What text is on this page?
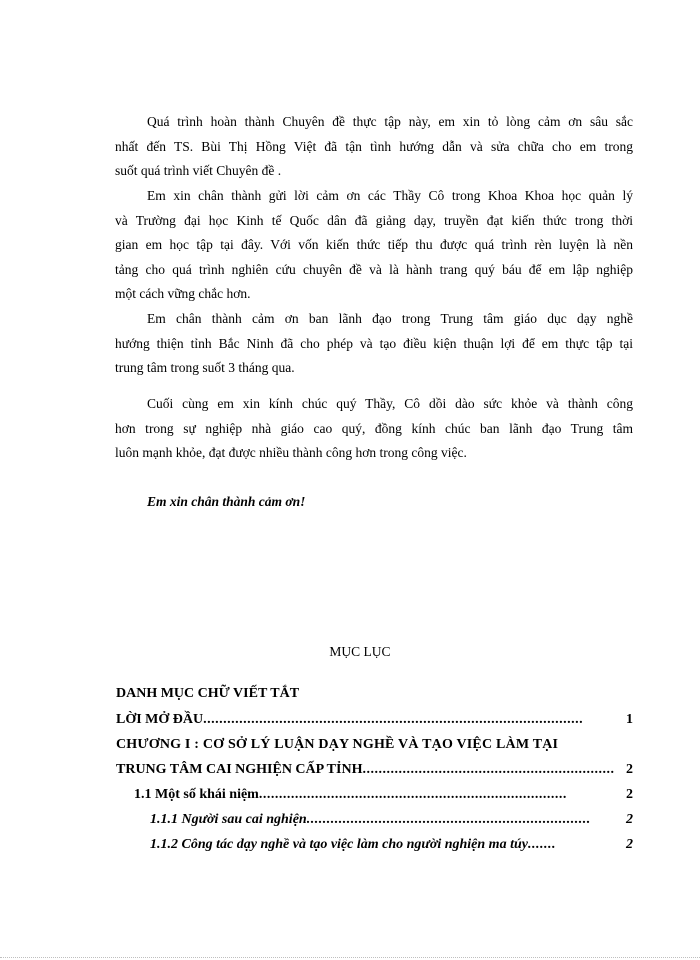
Quá trình hoàn thành Chuyên đề thực tập này, em xin tỏ lòng cảm ơn sâu sắc
nhất đến TS. Bùi Thị Hồng Việt đã tận tình hướng dẫn và sửa chữa cho em trong
suốt quá trình viết Chuyên đề .

Em xin chân thành gửi lời cảm ơn các Thầy Cô trong Khoa Khoa học quản lý
và Trường đại học Kinh tế Quốc dân đã giảng dạy, truyền đạt kiến thức trong thời
gian em học tập tại đây. Với vốn kiến thức tiếp thu được quá trình rèn luyện là nền
tảng cho quá trình nghiên cứu chuyên đề và là hành trang quý báu để em lập nghiệp
một cách vững chắc hơn.

Em chân thành cảm ơn ban lãnh đạo trong Trung tâm giáo dục dạy nghề
hướng thiện tỉnh Bắc Ninh đã cho phép và tạo điều kiện thuận lợi để em thực tập tại
trung tâm trong suốt 3 tháng qua.

Cuối cùng em xin kính chúc quý Thầy, Cô dồi dào sức khỏe và thành công
hơn trong sự nghiệp nhà giáo cao quý, đồng kính chúc ban lãnh đạo Trung tâm
luôn mạnh khỏe, đạt được nhiều thành công hơn trong công việc.

Em xin chân thành cảm ơn!

MỤC LỤC

DANH MỤC CHỮ VIẾT TẮT
LỜI MỞ ĐẦU ...............................................................................................	1
CHƯƠNG I : CƠ SỞ LÝ LUẬN DẠY NGHỀ VÀ TẠO VIỆC LÀM TẠI
TRUNG TÂM CAI NGHIỆN CẤP TỈNH ............................................................... 2
1.1 Một số khái niệm .............................................................................	2
1.1.1 Người sau cai nghiện .......................................................................	2
1.1.2 Công tác dạy nghề và tạo việc làm cho người nghiện ma túy .......	2
